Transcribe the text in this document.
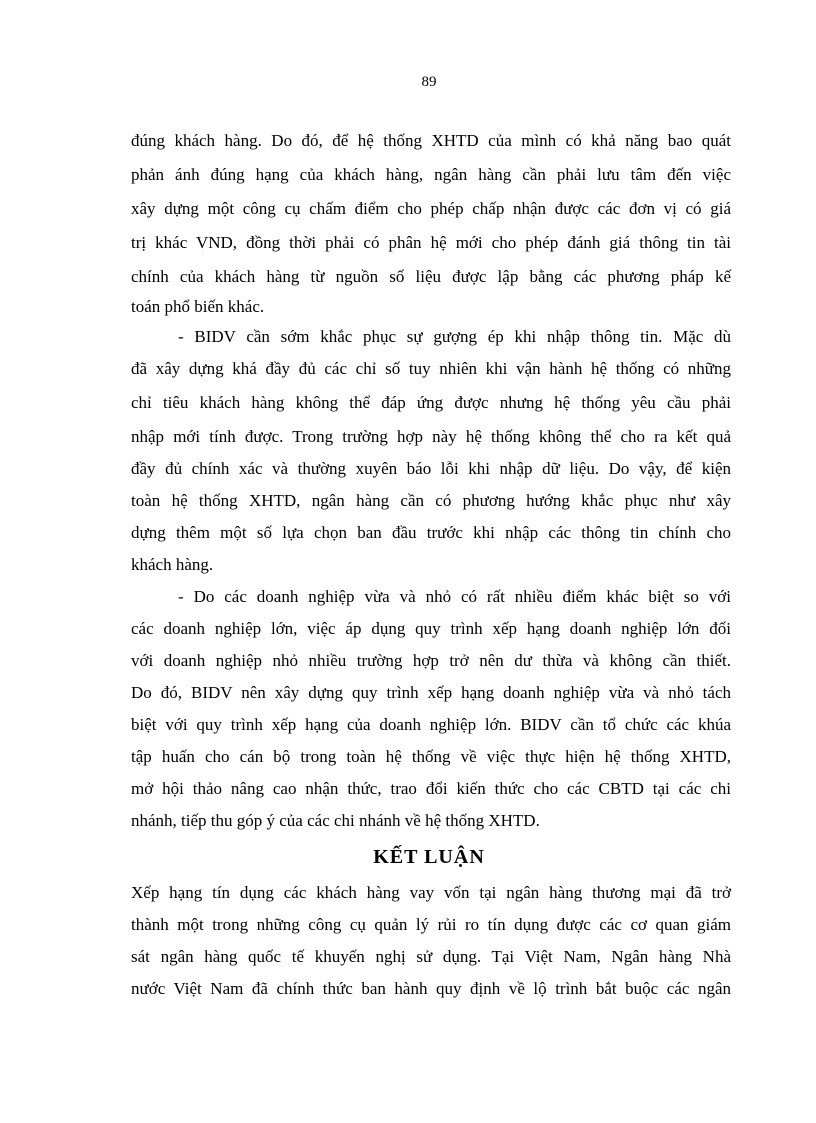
89
đúng khách hàng. Do đó, để hệ thống XHTD của mình có khả năng bao quát
phản ánh đúng hạng của khách hàng, ngân hàng cần phải lưu tâm đến việc
xây dựng một công cụ chấm điểm cho phép chấp nhận được các đơn vị có giá
trị khác VND, đồng thời phải có phân hệ mới cho phép đánh giá thông tin tài
chính của khách hàng từ nguồn số liệu được lập bằng các phương pháp kế
toán phổ biến khác.
- BIDV cần sớm khắc phục sự gượng ép khi nhập thông tin. Mặc dù
đã xây dựng khá đầy đủ các chỉ số tuy nhiên khi vận hành hệ thống có những
chỉ tiêu khách hàng không thể đáp ứng được nhưng hệ thống yêu cầu phải
nhập mới tính được. Trong trường hợp này hệ thống không thể cho ra kết quả
đầy đủ chính xác và thường xuyên báo lỗi khi nhập dữ liệu. Do vậy, để kiện
toàn hệ thống XHTD, ngân hàng cần có phương hướng khắc phục như xây
dựng thêm một số lựa chọn ban đầu trước khi nhập các thông tin chính cho
khách hàng.
- Do các doanh nghiệp vừa và nhỏ có rất nhiều điểm khác biệt so với
các doanh nghiệp lớn, việc áp dụng quy trình xếp hạng doanh nghiệp lớn đối
với doanh nghiệp nhỏ nhiều trường hợp trở nên dư thừa và không cần thiết.
Do đó, BIDV nên xây dựng quy trình xếp hạng doanh nghiệp vừa và nhỏ tách
biệt với quy trình xếp hạng của doanh nghiệp lớn. BIDV cần tổ chức các khúa
tập huấn cho cán bộ trong toàn hệ thống về việc thực hiện hệ thống XHTD,
mở hội thảo nâng cao nhận thức, trao đổi kiến thức cho các CBTD tại các chi
nhánh, tiếp thu góp ý của các chi nhánh về hệ thống XHTD.
KẾT LUẬN
Xếp hạng tín dụng các khách hàng vay vốn tại ngân hàng thương mại đã trở
thành một trong những công cụ quản lý rủi ro tín dụng được các cơ quan giám
sát ngân hàng quốc tế khuyến nghị sử dụng. Tại Việt Nam, Ngân hàng Nhà
nước Việt Nam đã chính thức ban hành quy định về lộ trình bắt buộc các ngân
